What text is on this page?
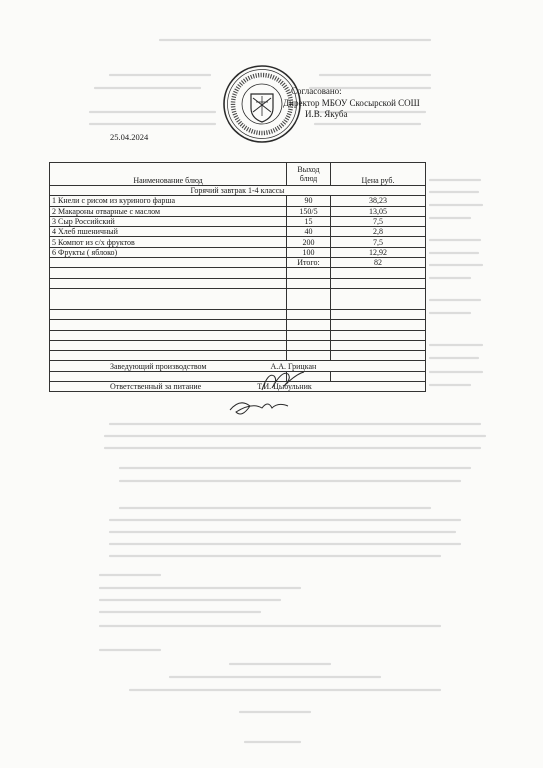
Согласовано:
Директор МБОУ Скосырской СОШ
И.В. Якуба
25.04.2024
Наименование блюд	Выход блюд	Цена руб.
Горячий завтрак 1-4 классы		
1 Кнели с рисом из куриного фарша	90	38,23
2 Макароны отварные с маслом	150/5	13,05
3 Сыр Российский	15	7,5
4 Хлеб пшеничный	40	2,8
5 Компот из с/х фруктов	200	7,5
6 Фрукты ( яблоко)	100	12,92
	Итого:	82

Заведующий производством А.А. Грицкан		

Ответственный за питание Т.И. Цыбульник		
